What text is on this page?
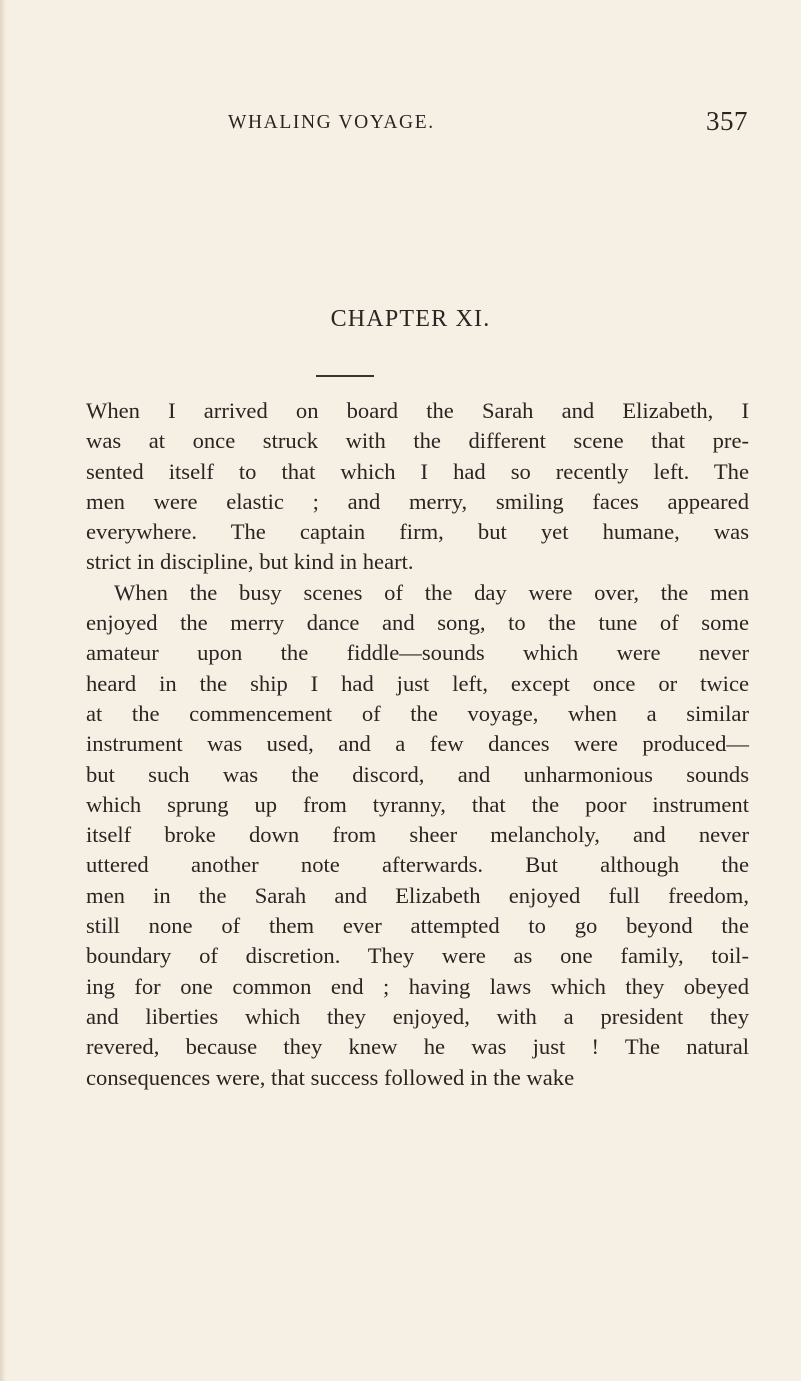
WHALING VOYAGE.	357
CHAPTER XI.
When I arrived on board the Sarah and Elizabeth, I
was at once struck with the different scene that pre-
sented itself to that which I had so recently left. The
men were elastic ; and merry, smiling faces appeared
everywhere. The captain firm, but yet humane, was
strict in discipline, but kind in heart.
When the busy scenes of the day were over, the men
enjoyed the merry dance and song, to the tune of some
amateur upon the fiddle—sounds which were never
heard in the ship I had just left, except once or twice
at the commencement of the voyage, when a similar
instrument was used, and a few dances were produced—
but such was the discord, and unharmonious sounds
which sprung up from tyranny, that the poor instrument
itself broke down from sheer melancholy, and never
uttered another note afterwards. But although the
men in the Sarah and Elizabeth enjoyed full freedom,
still none of them ever attempted to go beyond the
boundary of discretion. They were as one family, toil-
ing for one common end ; having laws which they obeyed
and liberties which they enjoyed, with a president they
revered, because they knew he was just ! The natural
consequences were, that success followed in the wake
